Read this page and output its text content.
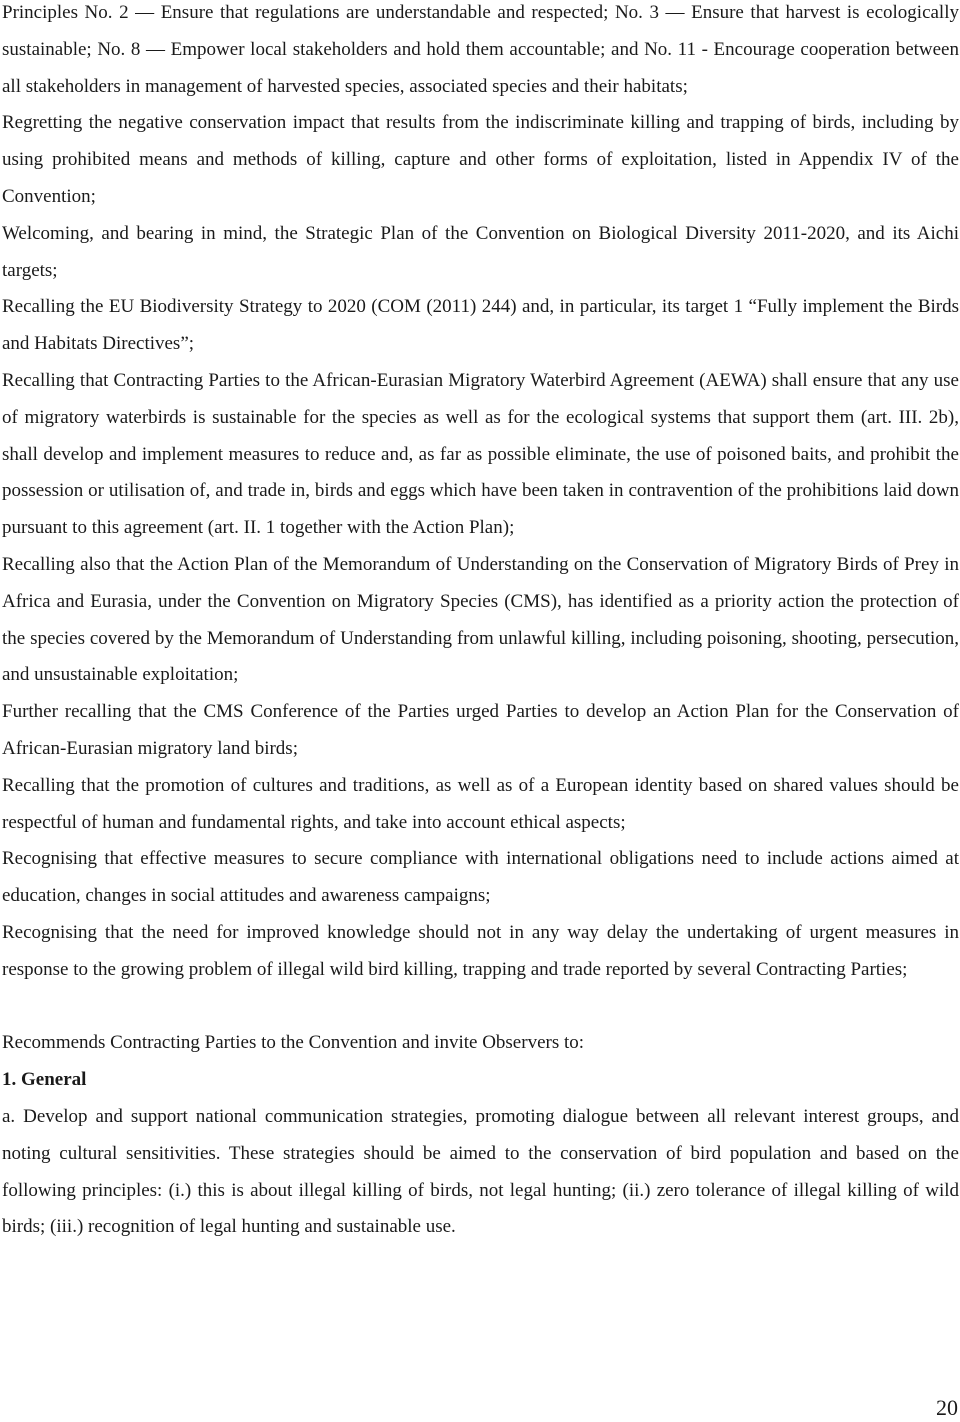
Principles No. 2 — Ensure that regulations are understandable and respected; No. 3 — Ensure that harvest is ecologically sustainable; No. 8 — Empower local stakeholders and hold them accountable; and No. 11 - Encourage cooperation between all stakeholders in management of harvested species, associated species and their habitats;

Regretting the negative conservation impact that results from the indiscriminate killing and trapping of birds, including by using prohibited means and methods of killing, capture and other forms of exploitation, listed in Appendix IV of the Convention;

Welcoming, and bearing in mind, the Strategic Plan of the Convention on Biological Diversity 2011-2020, and its Aichi targets;

Recalling the EU Biodiversity Strategy to 2020 (COM (2011) 244) and, in particular, its target 1 “Fully implement the Birds and Habitats Directives”;

Recalling that Contracting Parties to the African-Eurasian Migratory Waterbird Agreement (AEWA) shall ensure that any use of migratory waterbirds is sustainable for the species as well as for the ecological systems that support them (art. III. 2b), shall develop and implement measures to reduce and, as far as possible eliminate, the use of poisoned baits, and prohibit the possession or utilisation of, and trade in, birds and eggs which have been taken in contravention of the prohibitions laid down pursuant to this agreement (art. II. 1 together with the Action Plan);

Recalling also that the Action Plan of the Memorandum of Understanding on the Conservation of Migratory Birds of Prey in Africa and Eurasia, under the Convention on Migratory Species (CMS), has identified as a priority action the protection of the species covered by the Memorandum of Understanding from unlawful killing, including poisoning, shooting, persecution, and unsustainable exploitation;

Further recalling that the CMS Conference of the Parties urged Parties to develop an Action Plan for the Conservation of African-Eurasian migratory land birds;

Recalling that the promotion of cultures and traditions, as well as of a European identity based on shared values should be respectful of human and fundamental rights, and take into account ethical aspects;

Recognising that effective measures to secure compliance with international obligations need to include actions aimed at education, changes in social attitudes and awareness campaigns;

Recognising that the need for improved knowledge should not in any way delay the undertaking of urgent measures in response to the growing problem of illegal wild bird killing, trapping and trade reported by several Contracting Parties;

Recommends Contracting Parties to the Convention and invite Observers to:

1. General

a. Develop and support national communication strategies, promoting dialogue between all relevant interest groups, and noting cultural sensitivities. These strategies should be aimed to the conservation of bird population and based on the following principles: (i.) this is about illegal killing of birds, not legal hunting; (ii.) zero tolerance of illegal killing of wild birds; (iii.) recognition of legal hunting and sustainable use.

20
